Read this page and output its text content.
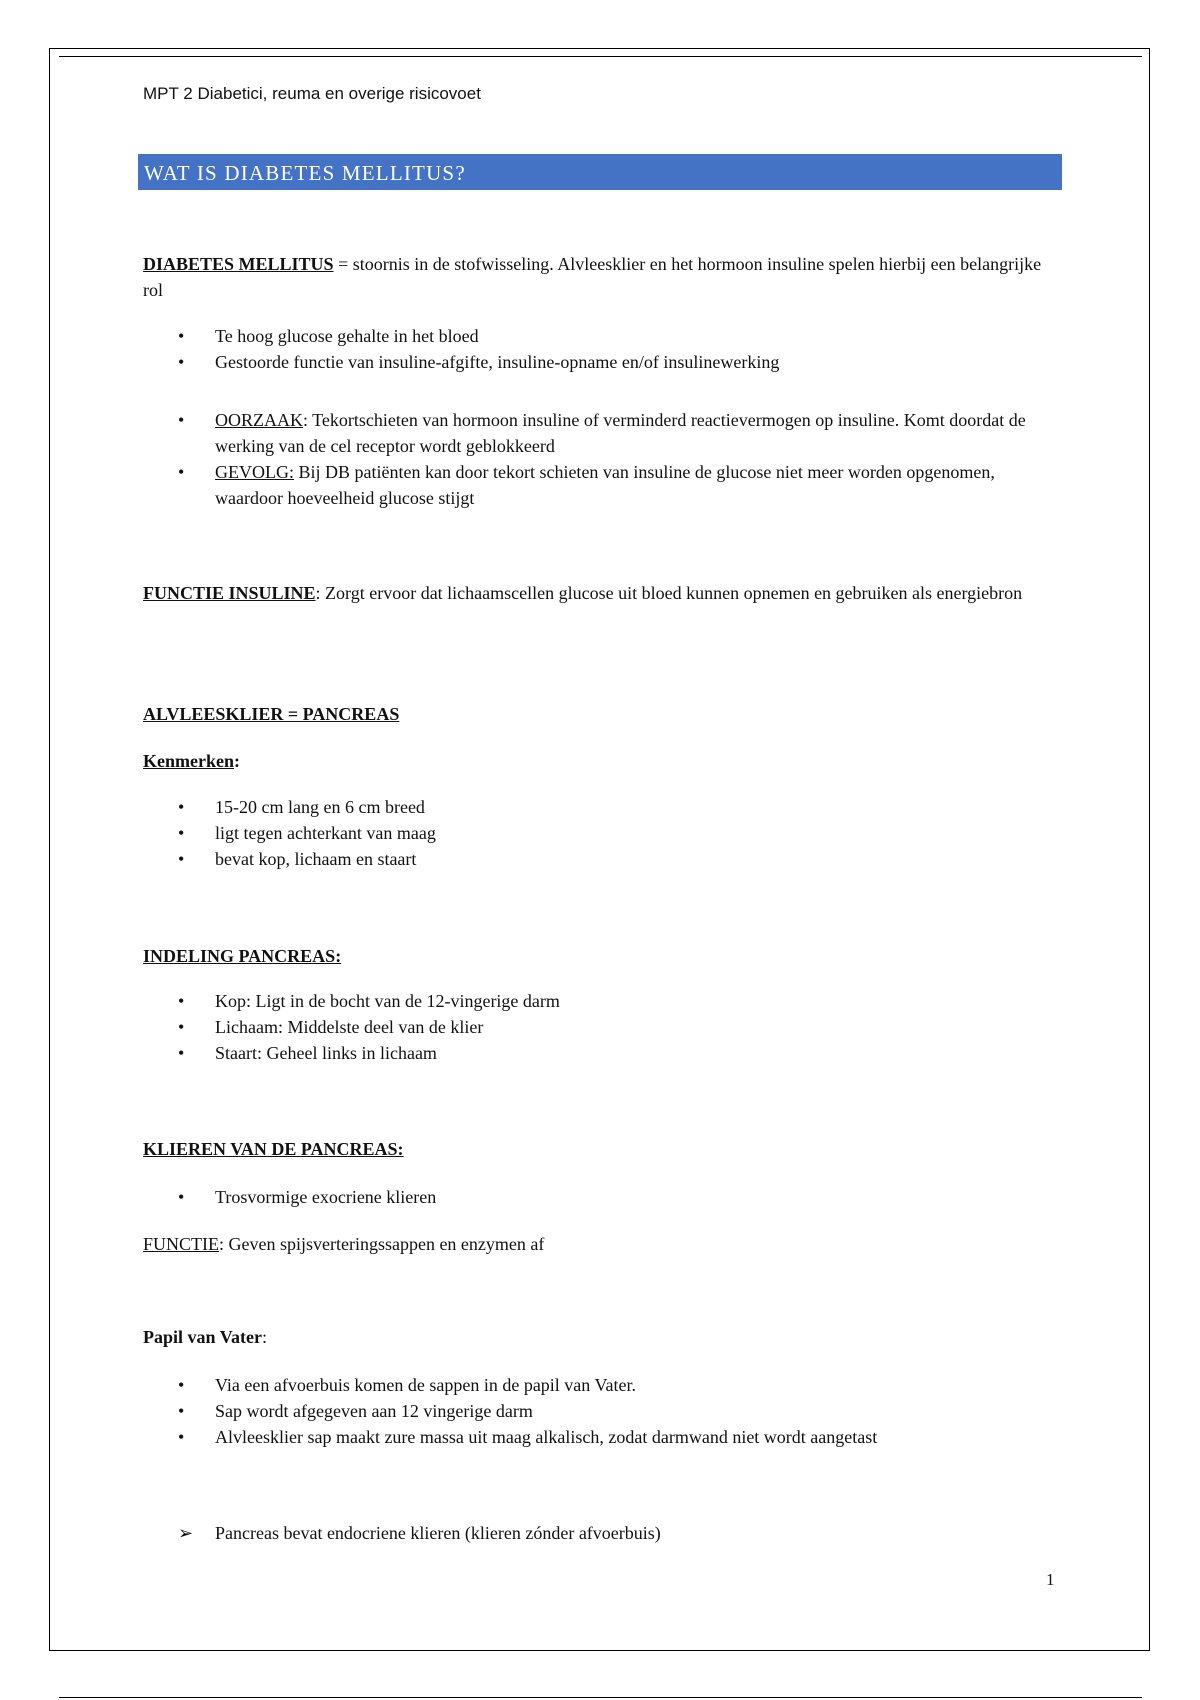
MPT 2 Diabetici, reuma en overige risicovoet
WAT IS DIABETES MELLITUS?
DIABETES MELLITUS = stoornis in de stofwisseling. Alvleesklier en het hormoon insuline spelen hierbij een belangrijke rol
• Te hoog glucose gehalte in het bloed
• Gestoorde functie van insuline-afgifte, insuline-opname en/of insulinewerking
• OORZAAK: Tekortschieten van hormoon insuline of verminderd reactievermogen op insuline. Komt doordat de werking van de cel receptor wordt geblokkeerd
• GEVOLG: Bij DB patiënten kan door tekort schieten van insuline de glucose niet meer worden opgenomen, waardoor hoeveelheid glucose stijgt
FUNCTIE INSULINE: Zorgt ervoor dat lichaamscellen glucose uit bloed kunnen opnemen en gebruiken als energiebron
ALVLEESKLIER = PANCREAS
Kenmerken:
• 15-20 cm lang en 6 cm breed
• ligt tegen achterkant van maag
• bevat kop, lichaam en staart
INDELING PANCREAS:
• Kop: Ligt in de bocht van de 12-vingerige darm
• Lichaam: Middelste deel van de klier
• Staart: Geheel links in lichaam
KLIEREN VAN DE PANCREAS:
• Trosvormige exocriene klieren
FUNCTIE: Geven spijsverteringssappen en enzymen af
Papil van Vater:
• Via een afvoerbuis komen de sappen in de papil van Vater.
• Sap wordt afgegeven aan 12 vingerige darm
• Alvleesklier sap maakt zure massa uit maag alkalisch, zodat darmwand niet wordt aangetast
➢ Pancreas bevat endocriene klieren (klieren zónder afvoerbuis)
1
